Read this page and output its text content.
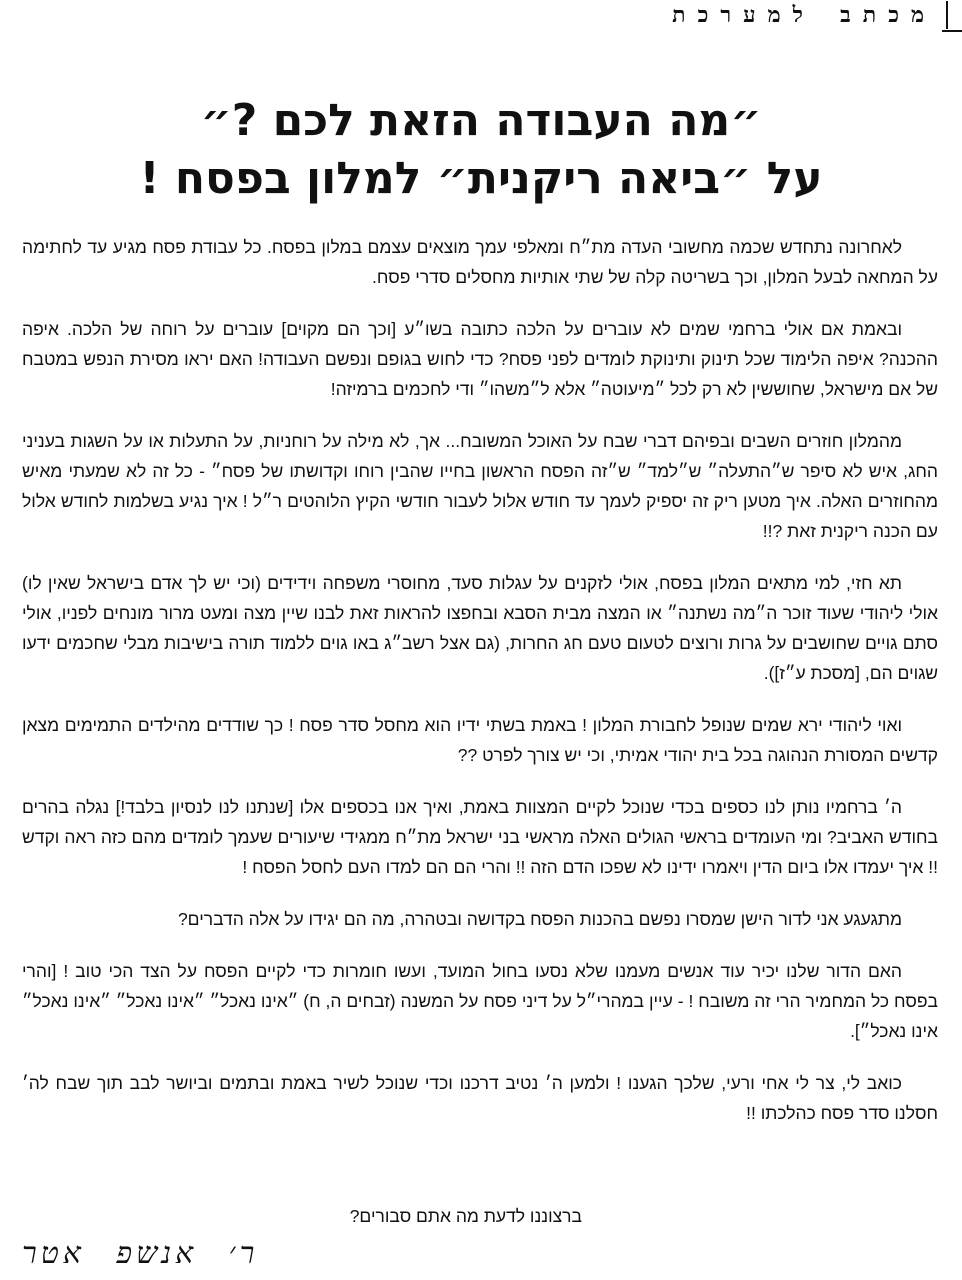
מכתב למערכת
״מה העבודה הזאת לכם ?״
על ״ביאה ריקנית״ למלון בפסח !

לאחרונה נתחדש שכמה מחשובי העדה מת״ח ומאלפי עמך מוצאים עצמם במלון בפסח. כל עבודת פסח מגיע עד לחתימה על המחאה לבעל המלון, וכך בשריטה קלה של שתי אותיות מחסלים סדרי פסח.

ובאמת אם אולי ברחמי שמים לא עוברים על הלכה כתובה בשו״ע [וכך הם מקוים] עוברים על רוחה של הלכה. איפה ההכנה? איפה הלימוד שכל תינוק ותינוקת לומדים לפני פסח? כדי לחוש בגופם ונפשם העבודה! האם יראו מסירת הנפש במטבח של אם מישראל, שחוששין לא רק לכל ״מיעוטה״ אלא ל״משהו״ ודי לחכמים ברמיזה!

מהמלון חוזרים השבים ובפיהם דברי שבח על האוכל המשובח... אך, לא מילה על רוחניות, על התעלות או על השגות בעניני החג, איש לא סיפר ש״התעלה״ ש״למד״ ש״זה הפסח הראשון בחייו שהבין רוחו וקדושתו של פסח״ - כל זה לא שמעתי מאיש מהחוזרים האלה. איך מטען ריק זה יספיק לעמך עד חודש אלול לעבור חודשי הקיץ הלוהטים ר״ל ! איך נגיע בשלמות לחודש אלול עם הכנה ריקנית זאת ?!!

תא חזי, למי מתאים המלון בפסח, אולי לזקנים על עגלות סעד, מחוסרי משפחה וידידים (וכי יש לך אדם בישראל שאין לו) אולי ליהודי שעוד זוכר ה״מה נשתנה״ או המצה מבית הסבא ובחפצו להראות זאת לבנו שיין מצה ומעט מרור מונחים לפניו, אולי סתם גויים שחושבים על גרות ורוצים לטעום טעם חג החרות, (גם אצל רשב״ג באו גוים ללמוד תורה בישיבות מבלי שחכמים ידעו שגוים הם, [מסכת ע״ז]).

ואוי ליהודי ירא שמים שנופל לחבורת המלון ! באמת בשתי ידיו הוא מחסל סדר פסח ! כך שודדים מהילדים התמימים מצאן קדשים המסורת הנהוגה בכל בית יהודי אמיתי, וכי יש צורך לפרט ??

ה׳ ברחמיו נותן לנו כספים בכדי שנוכל לקיים המצוות באמת, ואיך אנו בכספים אלו [שנתנו לנו לנסיון בלבד!] נגלה בהרים בחודש האביב? ומי העומדים בראשי הגולים האלה מראשי בני ישראל מת״ח ממגידי שיעורים שעמך לומדים מהם כזה ראה וקדש !! איך יעמדו אלו ביום הדין ויאמרו ידינו לא שפכו הדם הזה !! והרי הם הם למדו העם לחסל הפסח !

מתגעגע אני לדור הישן שמסרו נפשם בהכנות הפסח בקדושה ובטהרה, מה הם יגידו על אלה הדברים?

האם הדור שלנו יכיר עוד אנשים מעמנו שלא נסעו בחול המועד, ועשו חומרות כדי לקיים הפסח על הצד הכי טוב ! [והרי בפסח כל המחמיר הרי זה משובח ! - עיין במהרי״ל על דיני פסח על המשנה (זבחים ה, ח) ״אינו נאכל״ ״אינו נאכל״ ״אינו נאכל״ אינו נאכל״].

כואב לי, צר לי אחי ורעי, שלכך הגענו ! ולמען ה׳ נטיב דרכנו וכדי שנוכל לשיר באמת ובתמים וביושר לבב תוך שבח לה׳ חסלנו סדר פסח כהלכתו !!

ברצוננו לדעת מה אתם סבורים?
ר׳ אנשפ אטר
